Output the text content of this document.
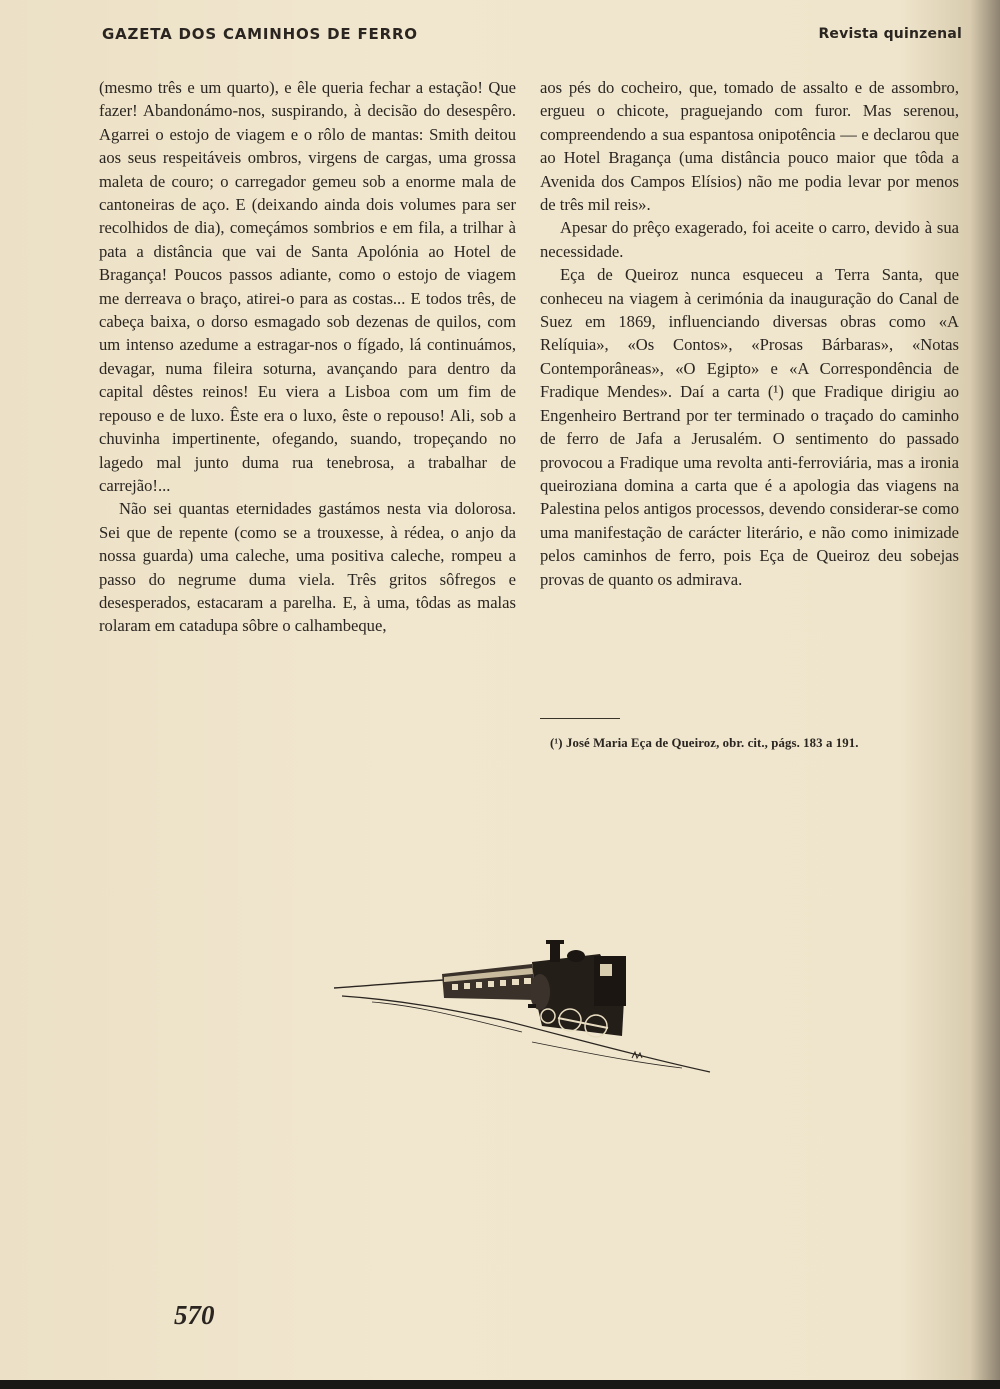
GAZETA DOS CAMINHOS DE FERRO	Revista quinzenal

(mesmo três e um quarto), e êle queria fechar a estação! Que fazer! Abandonámo-nos, suspirando, à decisão do desespêro. Agarrei o estojo de viagem e o rôlo de mantas: Smith deitou aos seus respeitáveis ombros, virgens de cargas, uma grossa maleta de couro; o carregador gemeu sob a enorme mala de cantoneiras de aço. E (deixando ainda dois volumes para ser recolhidos de dia), começámos sombrios e em fila, a trilhar à pata a distância que vai de Santa Apolónia ao Hotel de Bragança! Poucos passos adiante, como o estojo de viagem me derreava o braço, atirei-o para as costas... E todos três, de cabeça baixa, o dorso esmagado sob dezenas de quilos, com um intenso azedume a estragar-nos o fígado, lá continuámos, devagar, numa fileira soturna, avançando para dentro da capital dêstes reinos! Eu viera a Lisboa com um fim de repouso e de luxo. Êste era o luxo, êste o repouso! Ali, sob a chuvinha impertinente, ofegando, suando, tropeçando no lagedo mal junto duma rua tenebrosa, a trabalhar de carrejão!...

Não sei quantas eternidades gastámos nesta via dolorosa. Sei que de repente (como se a trouxesse, à rédea, o anjo da nossa guarda) uma caleche, uma positiva caleche, rompeu a passo do negrume duma viela. Três gritos sôfregos e desesperados, estacaram a parelha. E, à uma, tôdas as malas rolaram em catadupa sôbre o calhambeque,

aos pés do cocheiro, que, tomado de assalto e de assombro, ergueu o chicote, praguejando com furor. Mas serenou, compreendendo a sua espantosa onipotência — e declarou que ao Hotel Bragança (uma distância pouco maior que tôda a Avenida dos Campos Elísios) não me podia levar por menos de três mil reis».

Apesar do prêço exagerado, foi aceite o carro, devido à sua necessidade.

Eça de Queiroz nunca esqueceu a Terra Santa, que conheceu na viagem à cerimónia da inauguração do Canal de Suez em 1869, influenciando diversas obras como «A Relíquia», «Os Contos», «Prosas Bárbaras», «Notas Contemporâneas», «O Egipto» e «A Correspondência de Fradique Mendes». Daí a carta (¹) que Fradique dirigiu ao Engenheiro Bertrand por ter terminado o traçado do caminho de ferro de Jafa a Jerusalém. O sentimento do passado provocou a Fradique uma revolta anti-ferroviária, mas a ironia queiroziana domina a carta que é a apologia das viagens na Palestina pelos antigos processos, devendo considerar-se como uma manifestação de carácter literário, e não como inimizade pelos caminhos de ferro, pois Eça de Queiroz deu sobejas provas de quanto os admirava.

(¹) José Maria Eça de Queiroz, obr. cit., págs. 183 a 191.
570
